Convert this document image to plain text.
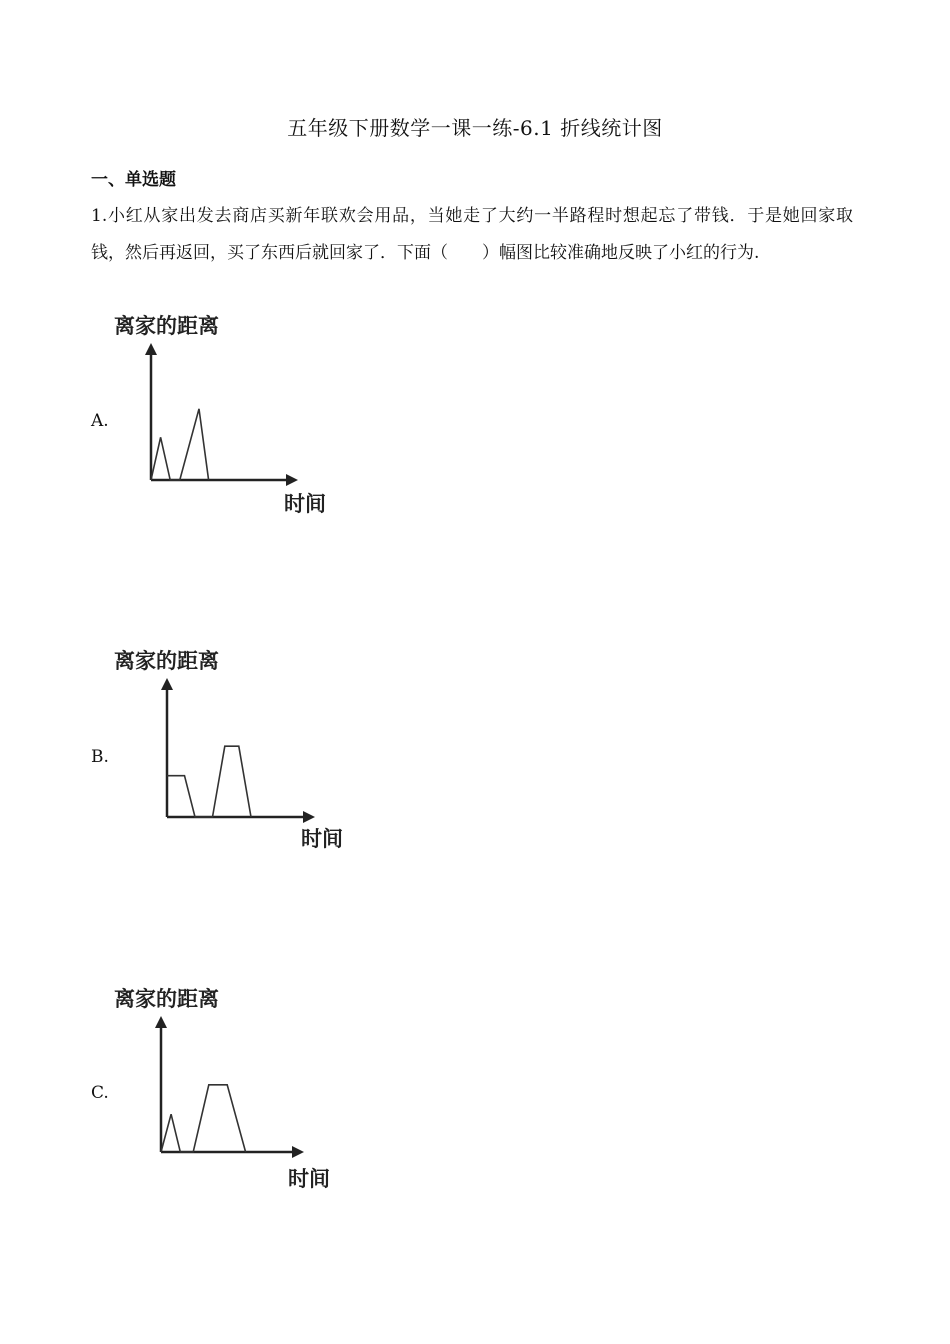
五年级下册数学一课一练-6.1 折线统计图
一、单选题
1.小红从家出发去商店买新年联欢会用品，当她走了大约一半路程时想起忘了带钱．于是她回家取钱，然后再返回，买了东西后就回家了．下面（　　）幅图比较准确地反映了小红的行为.
A.
离家的距离
时间
B.
离家的距离
时间
C.
离家的距离
时间
